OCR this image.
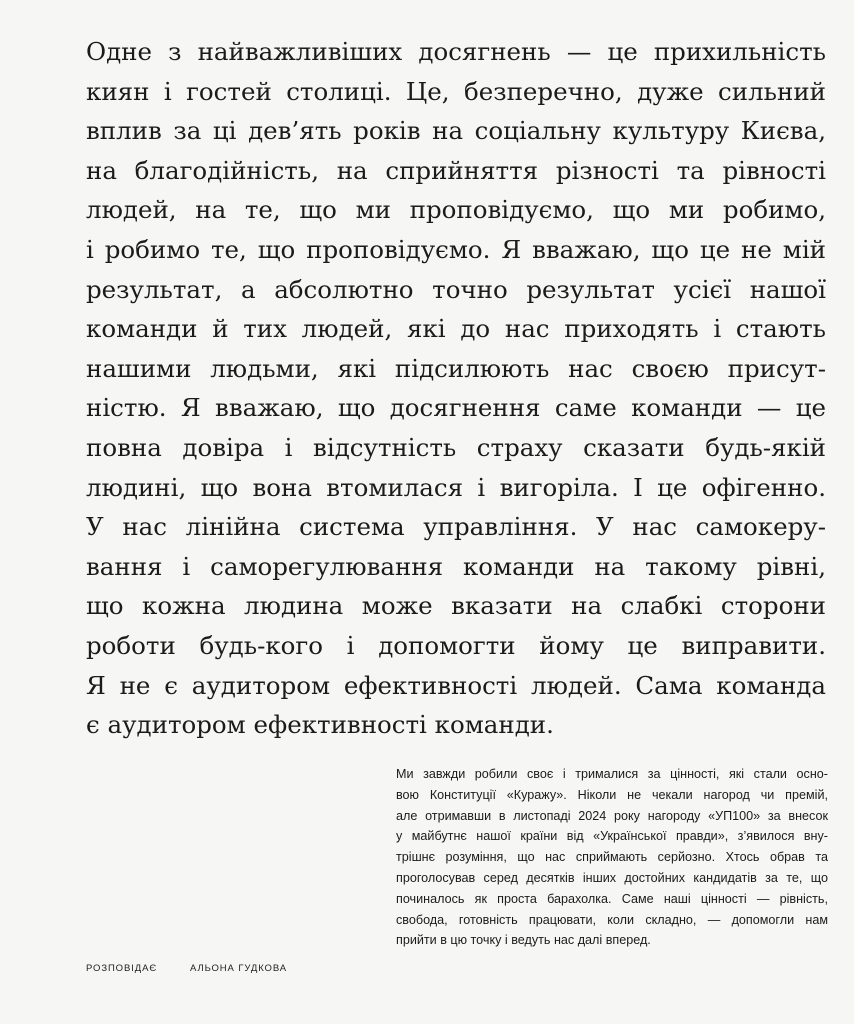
Одне з найважливіших досягнень — це прихильність
киян і гостей столиці. Це, безперечно, дуже сильний
вплив за ці дев’ять років на соціальну культуру Києва,
на благодійність, на сприйняття різності та рівності
людей, на те, що ми проповідуємо, що ми робимо,
і робимо те, що проповідуємо. Я вважаю, що це не мій
результат, а абсолютно точно результат усієї нашої
команди й тих людей, які до нас приходять і стають
нашими людьми, які підсилюють нас своєю присут-
ністю. Я вважаю, що досягнення саме команди — це
повна довіра і відсутність страху сказати будь-якій
людині, що вона втомилася і вигоріла. І це офігенно.
У нас лінійна система управління. У нас самокеру-
вання і саморегулювання команди на такому рівні,
що кожна людина може вказати на слабкі сторони
роботи будь-кого і допомогти йому це виправити.
Я не є аудитором ефективності людей. Сама команда
є аудитором ефективності команди.
Ми завжди робили своє і трималися за цінності, які стали осно-
вою Конституції «Куражу». Ніколи не чекали нагород чи премій,
але отримавши в листопаді 2024 року нагороду «УП100» за внесок
у майбутнє нашої країни від «Української правди», з’явилося вну-
трішнє розуміння, що нас сприймають серйозно. Хтось обрав та
проголосував серед десятків інших достойних кандидатів за те, що
починалось як проста барахолка. Саме наші цінності — рівність,
свобода, готовність працювати, коли складно, — допомогли нам
прийти в цю точку і ведуть нас далі вперед.
РОЗПОВІДАЄ	АЛЬОНА ГУДКОВА
